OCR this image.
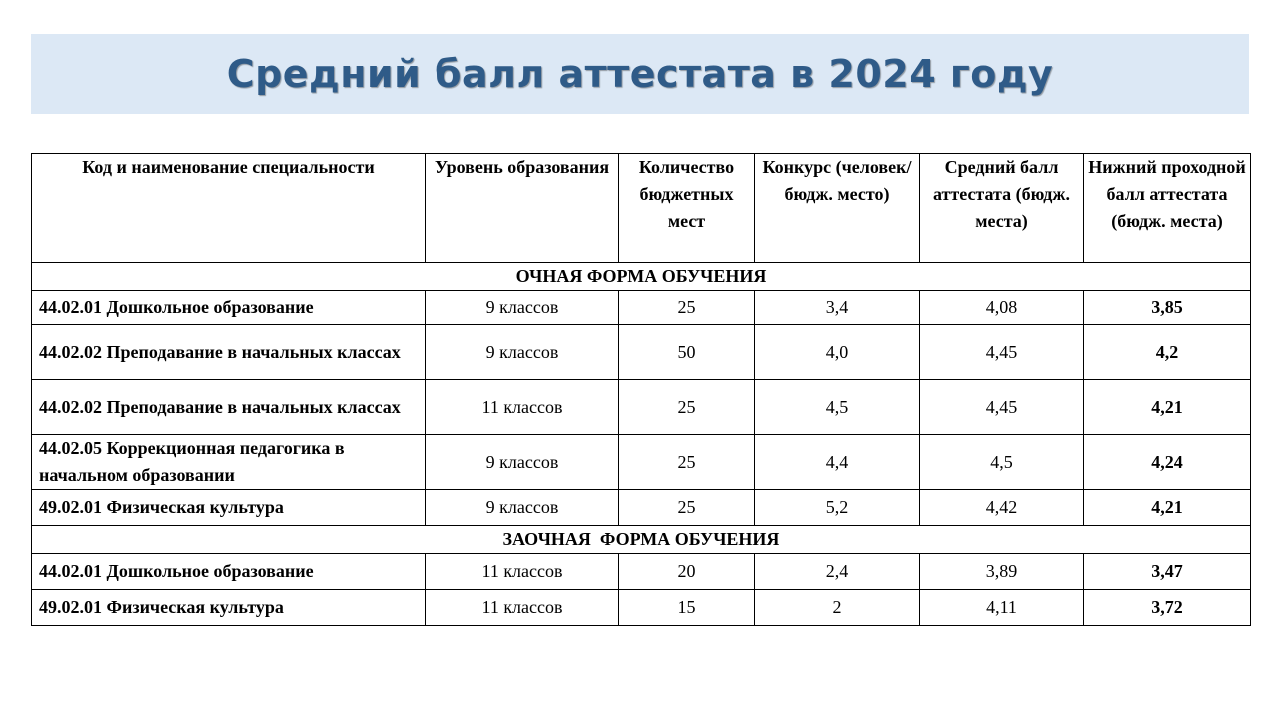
Средний балл аттестата в 2024 году
Код и наименование специальности	Уровень образования	Количество бюджетных мест	Конкурс (человек/ бюдж. место)	Средний балл аттестата (бюдж. места)	Нижний проходной балл аттестата (бюдж. места)
ОЧНАЯ ФОРМА ОБУЧЕНИЯ					
44.02.01 Дошкольное образование	9 классов	25	3,4	4,08	3,85
44.02.02 Преподавание в начальных классах	9 классов	50	4,0	4,45	4,2
44.02.02 Преподавание в начальных классах	11 классов	25	4,5	4,45	4,21
44.02.05 Коррекционная педагогика в начальном образовании	9 классов	25	4,4	4,5	4,24
49.02.01 Физическая культура	9 классов	25	5,2	4,42	4,21
ЗАОЧНАЯ  ФОРМА ОБУЧЕНИЯ					
44.02.01 Дошкольное образование	11 классов	20	2,4	3,89	3,47
49.02.01 Физическая культура	11 классов	15	2	4,11	3,72
